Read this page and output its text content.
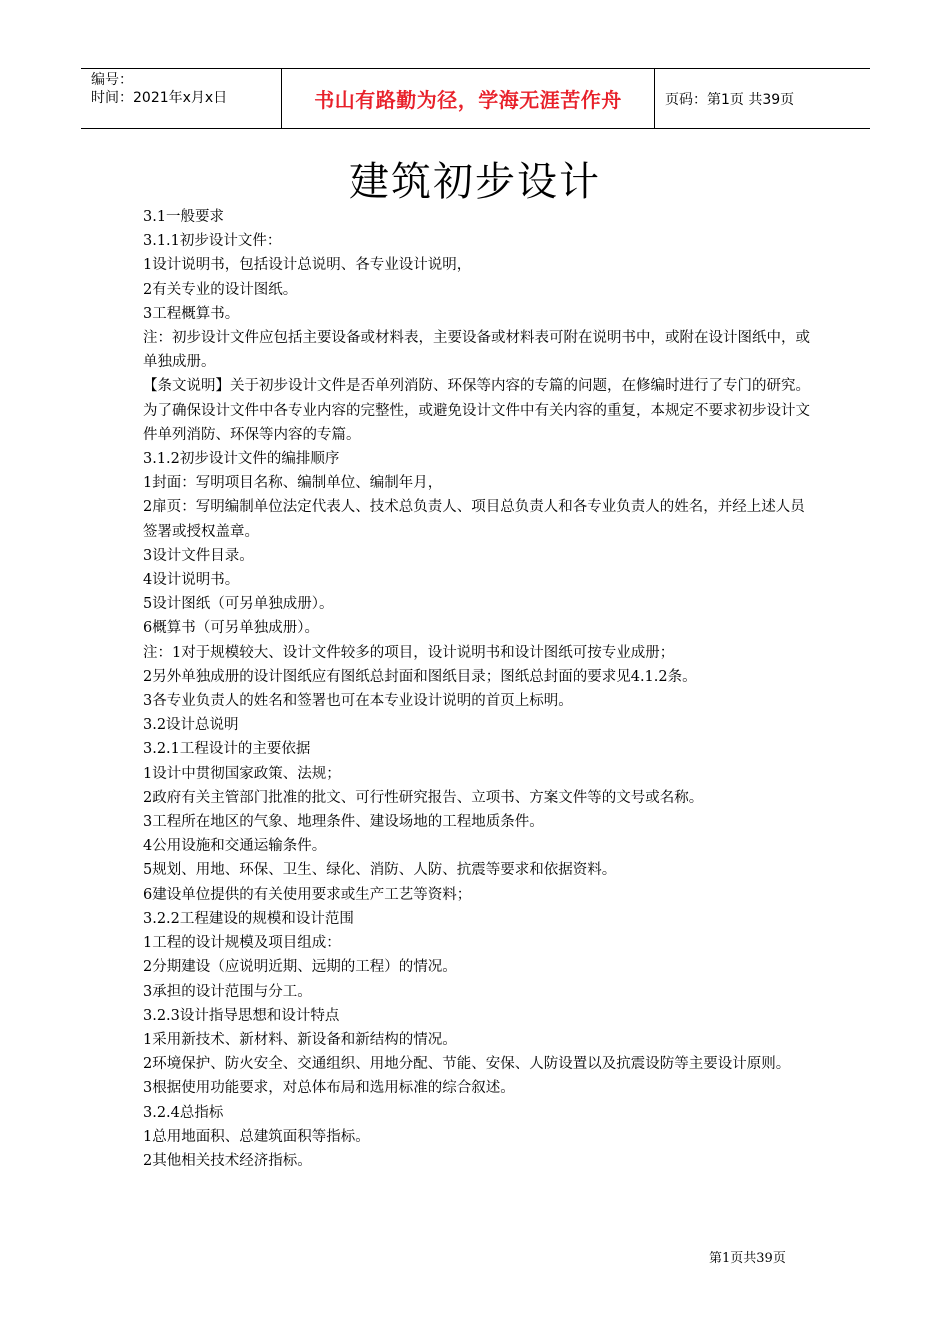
编号：
时间：2021年x月x日	书山有路勤为径，学海无涯苦作舟	页码：第1页 共39页
建筑初步设计

3.1一般要求

3.1.1初步设计文件：

1设计说明书，包括设计总说明、各专业设计说明，

2有关专业的设计图纸。

3工程概算书。

注：初步设计文件应包括主要设备或材料表，主要设备或材料表可附在说明书中，或附在设计图纸中，或单独成册。

【条文说明】关于初步设计文件是否单列消防、环保等内容的专篇的问题，在修编时进行了专门的研究。为了确保设计文件中各专业内容的完整性，或避免设计文件中有关内容的重复，本规定不要求初步设计文件单列消防、环保等内容的专篇。

3.1.2初步设计文件的编排顺序

1封面：写明项目名称、编制单位、编制年月，

2扉页：写明编制单位法定代表人、技术总负责人、项目总负责人和各专业负责人的姓名，并经上述人员签署或授权盖章。

3设计文件目录。

4设计说明书。

5设计图纸（可另单独成册）。

6概算书（可另单独成册）。

注：1对于规模较大、设计文件较多的项目，设计说明书和设计图纸可按专业成册；

2另外单独成册的设计图纸应有图纸总封面和图纸目录；图纸总封面的要求见4.1.2条。

3各专业负责人的姓名和签署也可在本专业设计说明的首页上标明。

3.2设计总说明

3.2.1工程设计的主要依据

1设计中贯彻国家政策、法规；

2政府有关主管部门批准的批文、可行性研究报告、立项书、方案文件等的文号或名称。

3工程所在地区的气象、地理条件、建设场地的工程地质条件。

4公用设施和交通运输条件。

5规划、用地、环保、卫生、绿化、消防、人防、抗震等要求和依据资料。

6建设单位提供的有关使用要求或生产工艺等资料；

3.2.2工程建设的规模和设计范围

1工程的设计规模及项目组成：

2分期建设（应说明近期、远期的工程）的情况。

3承担的设计范围与分工。

3.2.3设计指导思想和设计特点

1采用新技术、新材料、新设备和新结构的情况。

2环境保护、防火安全、交通组织、用地分配、节能、安保、人防设置以及抗震设防等主要设计原则。

3根据使用功能要求，对总体布局和选用标准的综合叙述。

3.2.4总指标

1总用地面积、总建筑面积等指标。

2其他相关技术经济指标。

第1页共39页
